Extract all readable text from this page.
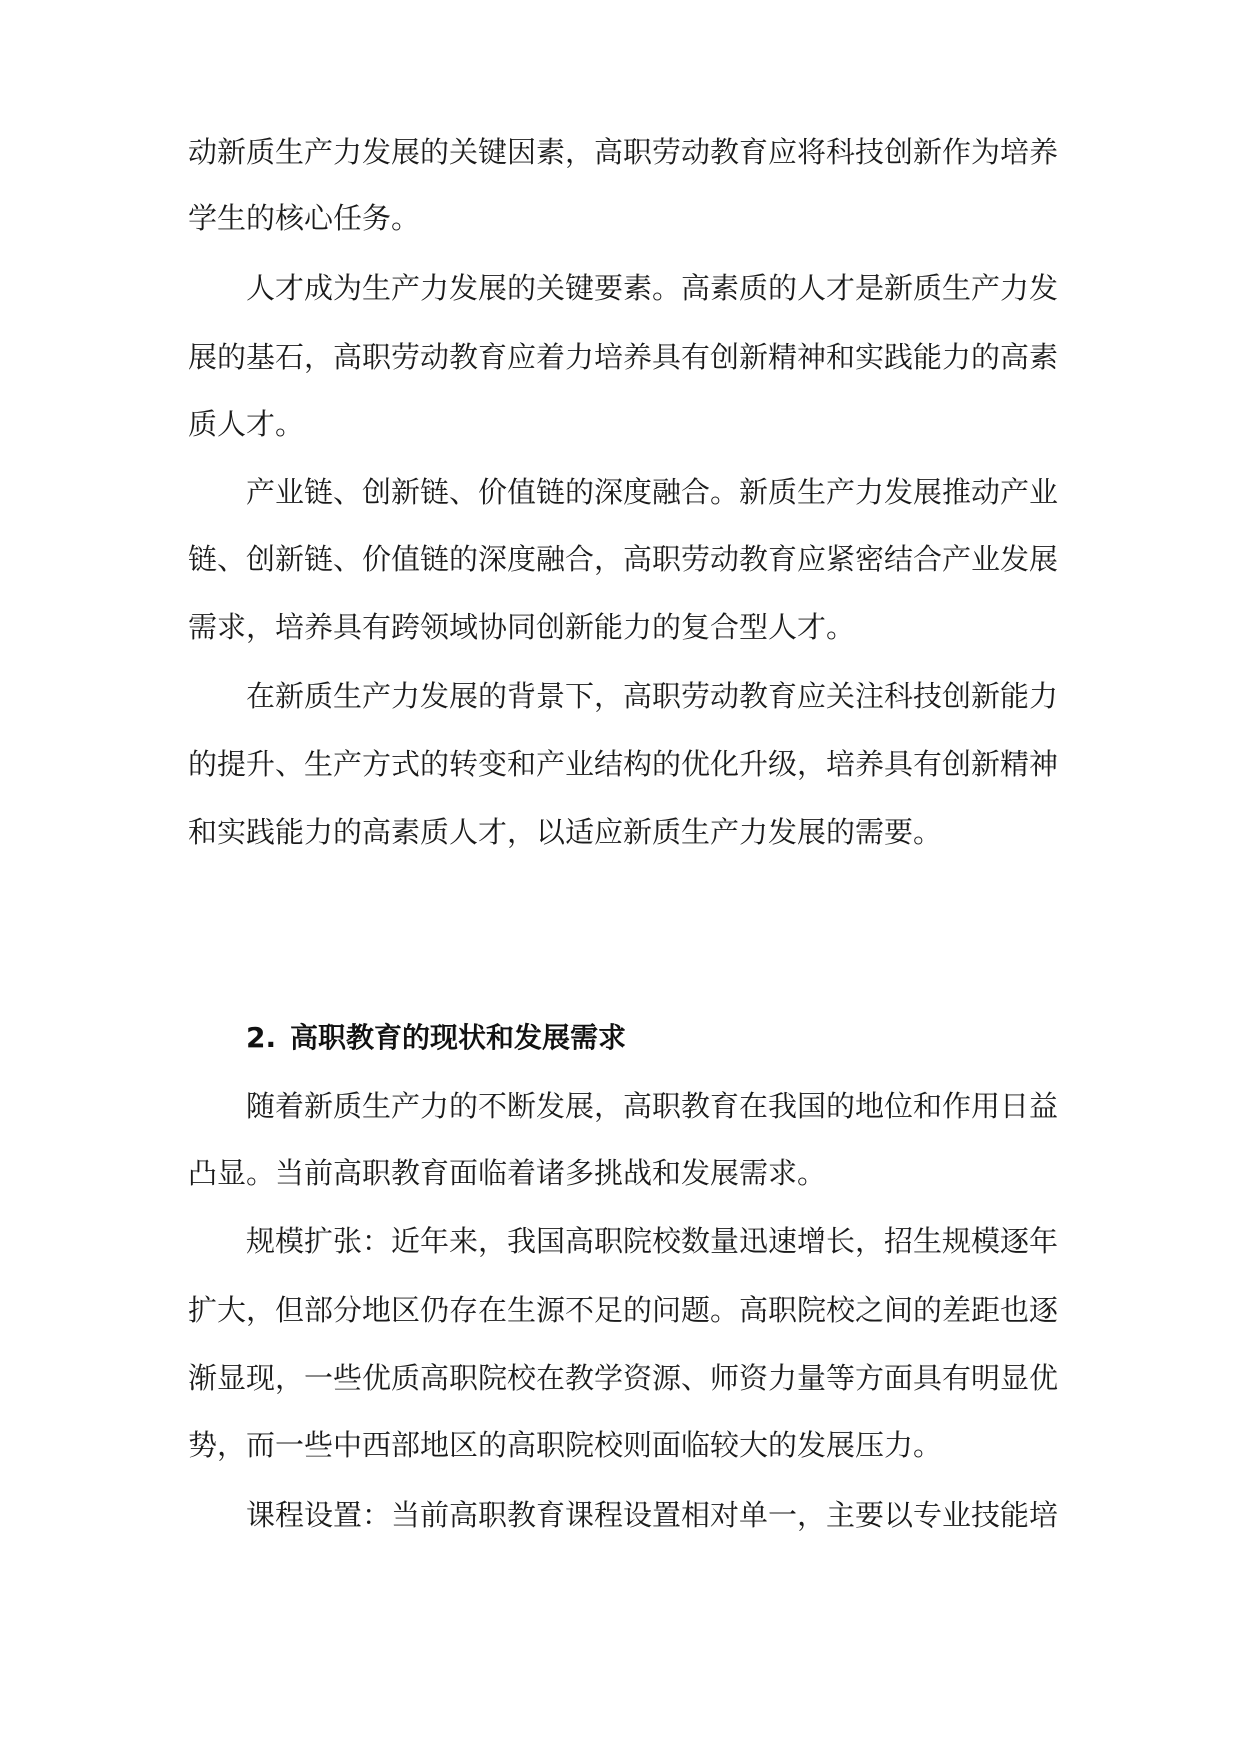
动新质生产力发展的关键因素，高职劳动教育应将科技创新作为培养

学生的核心任务。

人才成为生产力发展的关键要素。高素质的人才是新质生产力发

展的基石，高职劳动教育应着力培养具有创新精神和实践能力的高素

质人才。

产业链、创新链、价值链的深度融合。新质生产力发展推动产业

链、创新链、价值链的深度融合，高职劳动教育应紧密结合产业发展

需求，培养具有跨领域协同创新能力的复合型人才。

在新质生产力发展的背景下，高职劳动教育应关注科技创新能力

的提升、生产方式的转变和产业结构的优化升级，培养具有创新精神

和实践能力的高素质人才，以适应新质生产力发展的需要。

2. 高职教育的现状和发展需求

随着新质生产力的不断发展，高职教育在我国的地位和作用日益

凸显。当前高职教育面临着诸多挑战和发展需求。

规模扩张：近年来，我国高职院校数量迅速增长，招生规模逐年

扩大，但部分地区仍存在生源不足的问题。高职院校之间的差距也逐

渐显现，一些优质高职院校在教学资源、师资力量等方面具有明显优

势，而一些中西部地区的高职院校则面临较大的发展压力。

课程设置：当前高职教育课程设置相对单一，主要以专业技能培
